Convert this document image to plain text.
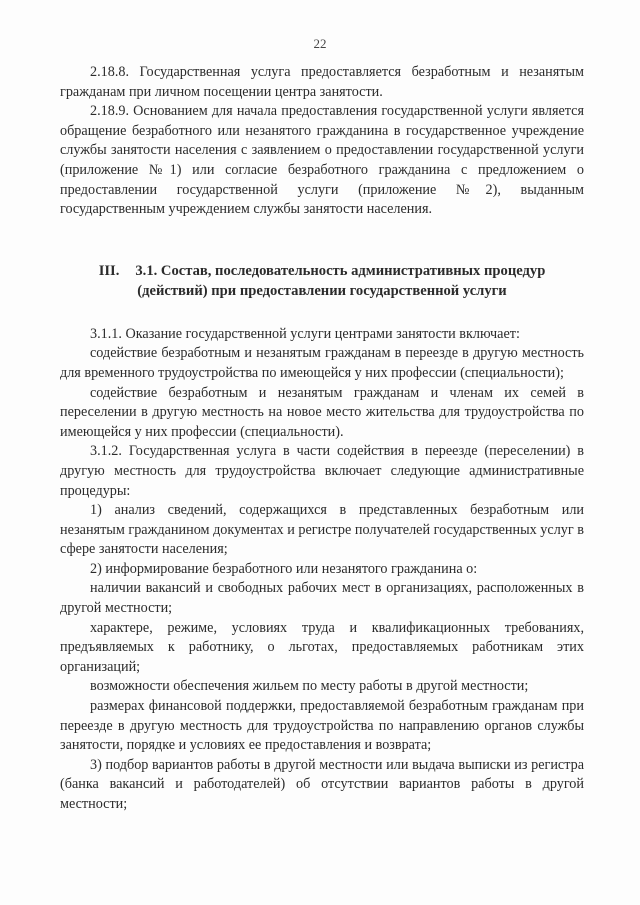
22

2.18.8. Государственная услуга предоставляется безработным и незанятым гражданам при личном посещении центра занятости.

2.18.9. Основанием для начала предоставления государственной услуги является обращение безработного или незанятого гражданина в государственное учреждение службы занятости населения с заявлением о предоставлении государственной услуги (приложение №1) или согласие безработного гражданина с предложением о предоставлении государственной услуги (приложение №2), выданным государственным учреждением службы занятости населения.

III. 3.1. Состав, последовательность административных процедур (действий) при предоставлении государственной услуги

3.1.1. Оказание государственной услуги центрами занятости включает:

содействие безработным и незанятым гражданам в переезде в другую местность для временного трудоустройства по имеющейся у них профессии (специальности);

содействие безработным и незанятым гражданам и членам их семей в переселении в другую местность на новое место жительства для трудоустройства по имеющейся у них профессии (специальности).

3.1.2. Государственная услуга в части содействия в переезде (переселении) в другую местность для трудоустройства включает следующие административные процедуры:

1) анализ сведений, содержащихся в представленных безработным или незанятым гражданином документах и регистре получателей государственных услуг в сфере занятости населения;

2) информирование безработного или незанятого гражданина о:

наличии вакансий и свободных рабочих мест в организациях, расположенных в другой местности;

характере, режиме, условиях труда и квалификационных требованиях, предъявляемых к работнику, о льготах, предоставляемых работникам этих организаций;

возможности обеспечения жильем по месту работы в другой местности;

размерах финансовой поддержки, предоставляемой безработным гражданам при переезде в другую местность для трудоустройства по направлению органов службы занятости, порядке и условиях ее предоставления и возврата;

3) подбор вариантов работы в другой местности или выдача выписки из регистра (банка вакансий и работодателей) об отсутствии вариантов работы в другой местности;
